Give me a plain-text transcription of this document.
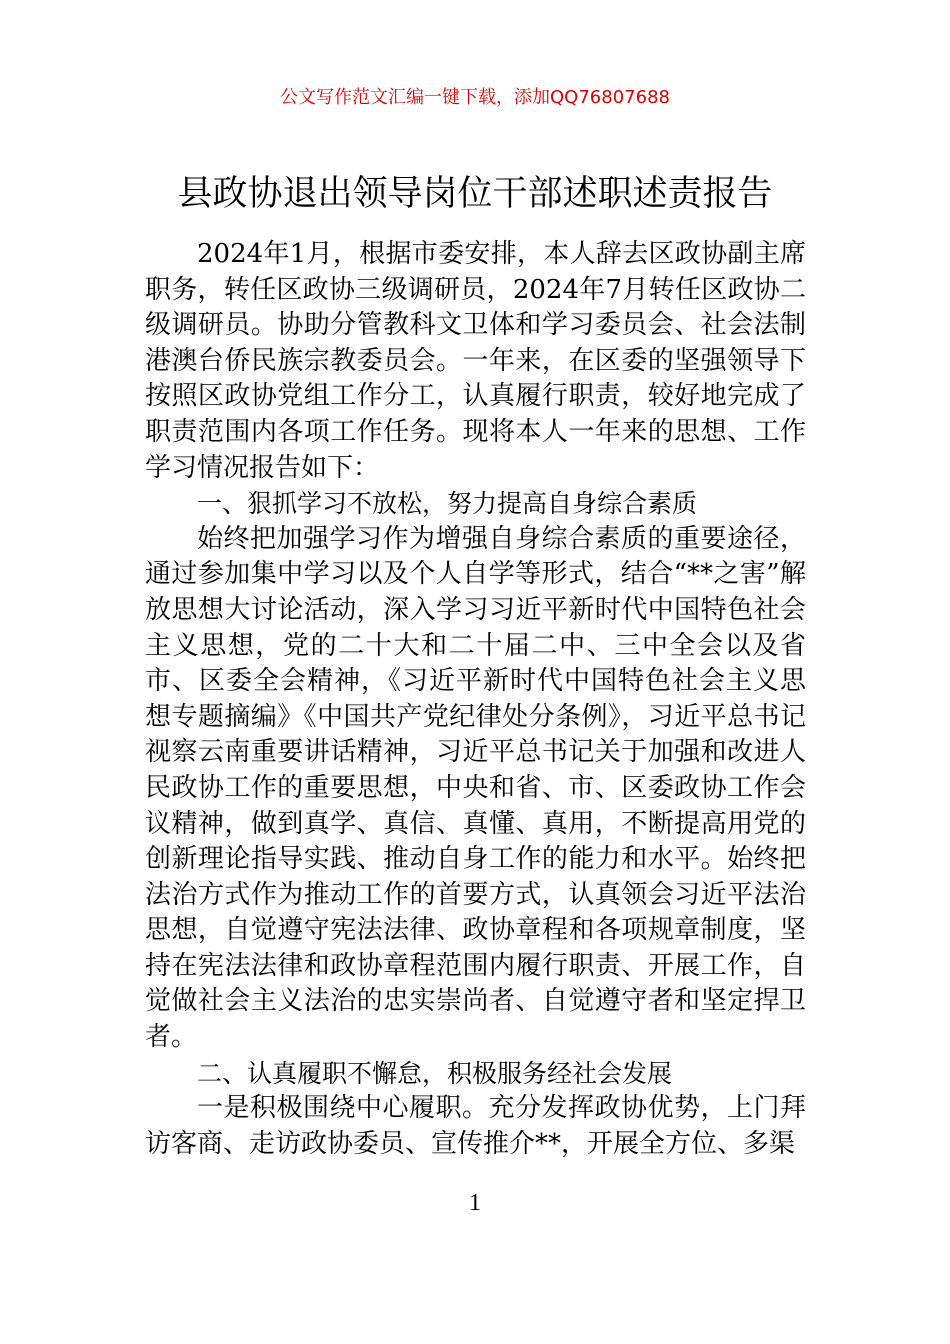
公文写作范文汇编一键下载，添加QQ76807688
县政协退出领导岗位干部述职述责报告

2024年1月，根据市委安排，本人辞去区政协副主席职务，转任区政协三级调研员，2024年7月转任区政协二级调研员。协助分管教科文卫体和学习委员会、社会法制港澳台侨民族宗教委员会。一年来，在区委的坚强领导下按照区政协党组工作分工，认真履行职责，较好地完成了职责范围内各项工作任务。现将本人一年来的思想、工作学习情况报告如下：

一、狠抓学习不放松，努力提高自身综合素质

始终把加强学习作为增强自身综合素质的重要途径，通过参加集中学习以及个人自学等形式，结合“**之害”解放思想大讨论活动，深入学习习近平新时代中国特色社会主义思想，党的二十大和二十届二中、三中全会以及省市、区委全会精神，《习近平新时代中国特色社会主义思想专题摘编》《中国共产党纪律处分条例》，习近平总书记视察云南重要讲话精神，习近平总书记关于加强和改进人民政协工作的重要思想，中央和省、市、区委政协工作会议精神，做到真学、真信、真懂、真用，不断提高用党的创新理论指导实践、推动自身工作的能力和水平。始终把法治方式作为推动工作的首要方式，认真领会习近平法治思想，自觉遵守宪法法律、政协章程和各项规章制度，坚持在宪法法律和政协章程范围内履行职责、开展工作，自觉做社会主义法治的忠实崇尚者、自觉遵守者和坚定捍卫者。

二、认真履职不懈怠，积极服务经社会发展

一是积极围绕中心履职。充分发挥政协优势，上门拜访客商、走访政协委员、宣传推介**，开展全方位、多渠

1
